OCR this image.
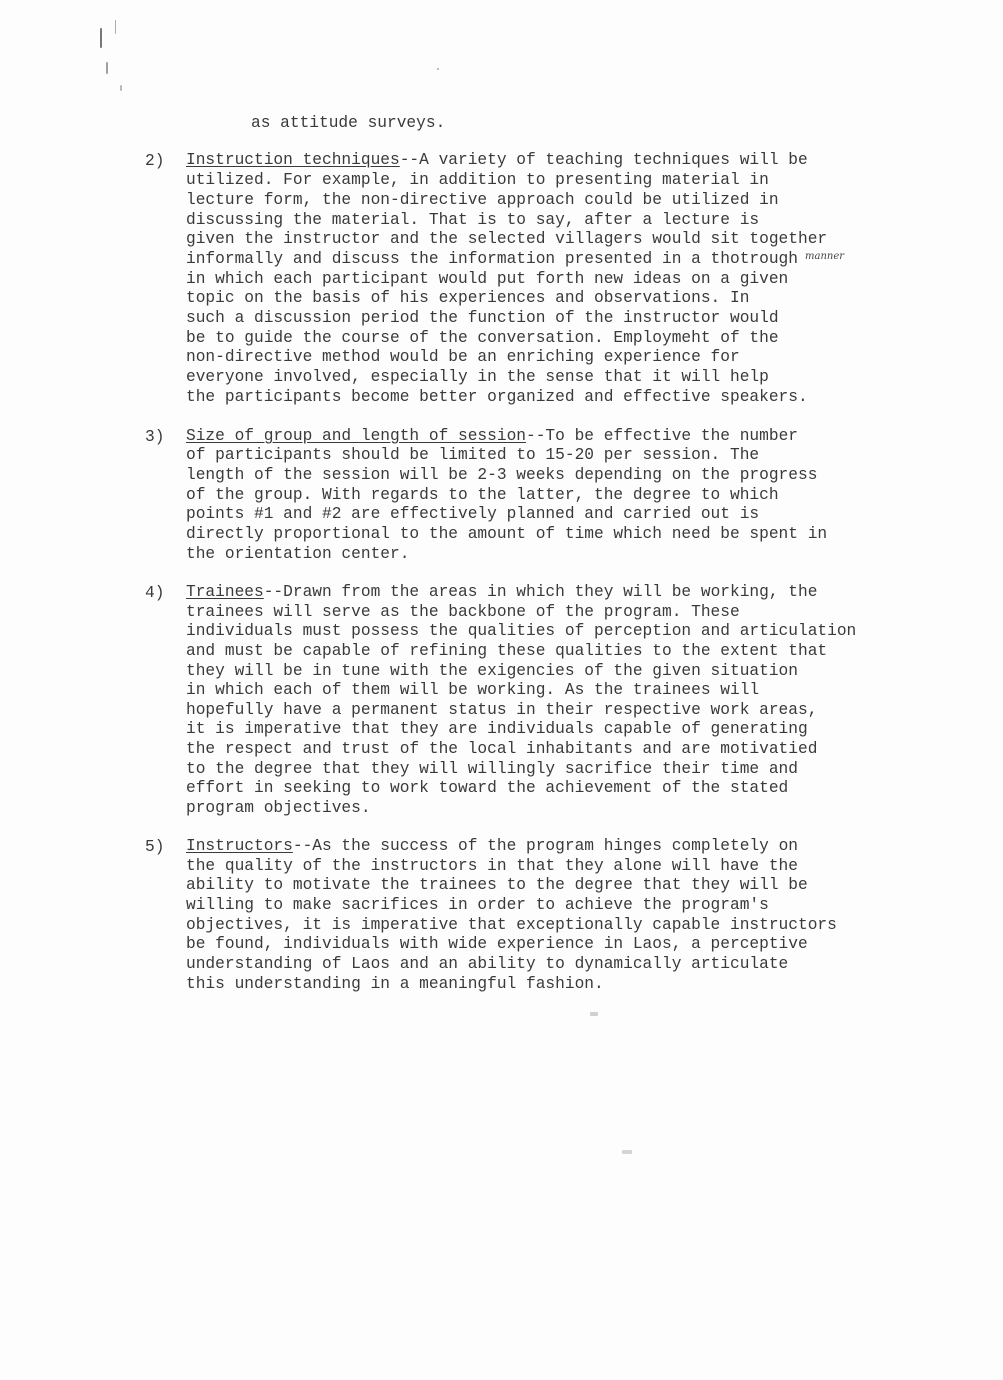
as attitude surveys.
2) Instruction techniques--A variety of teaching techniques will be
utilized. For example, in addition to presenting material in
lecture form, the non-directive approach could be utilized in
discussing the material. That is to say, after a lecture is
given the instructor and the selected villagers would sit together
informally and discuss the information presented in a thotrough manner
in which each participant would put forth new ideas on a given
topic on the basis of his experiences and observations. In
such a discussion period the function of the instructor would
be to guide the course of the conversation. Employmeht of the
non-directive method would be an enriching experience for
everyone involved, especially in the sense that it will help
the participants become better organized and effective speakers.
3) Size of group and length of session--To be effective the number
of participants should be limited to 15-20 per session. The
length of the session will be 2-3 weeks depending on the progress
of the group. With regards to the latter, the degree to which
points #1 and #2 are effectively planned and carried out is
directly proportional to the amount of time which need be spent in
the orientation center.
4) Trainees--Drawn from the areas in which they will be working, the
trainees will serve as the backbone of the program. These
individuals must possess the qualities of perception and articulation
and must be capable of refining these qualities to the extent that
they will be in tune with the exigencies of the given situation
in which each of them will be working. As the trainees will
hopefully have a permanent status in their respective work areas,
it is imperative that they are individuals capable of generating
the respect and trust of the local inhabitants and are motivatied
to the degree that they will willingly sacrifice their time and
effort in seeking to work toward the achievement of the stated
program objectives.
5) Instructors--As the success of the program hinges completely on
the quality of the instructors in that they alone will have the
ability to motivate the trainees to the degree that they will be
willing to make sacrifices in order to achieve the program's
objectives, it is imperative that exceptionally capable instructors
be found, individuals with wide experience in Laos, a perceptive
understanding of Laos and an ability to dynamically articulate
this understanding in a meaningful fashion.
